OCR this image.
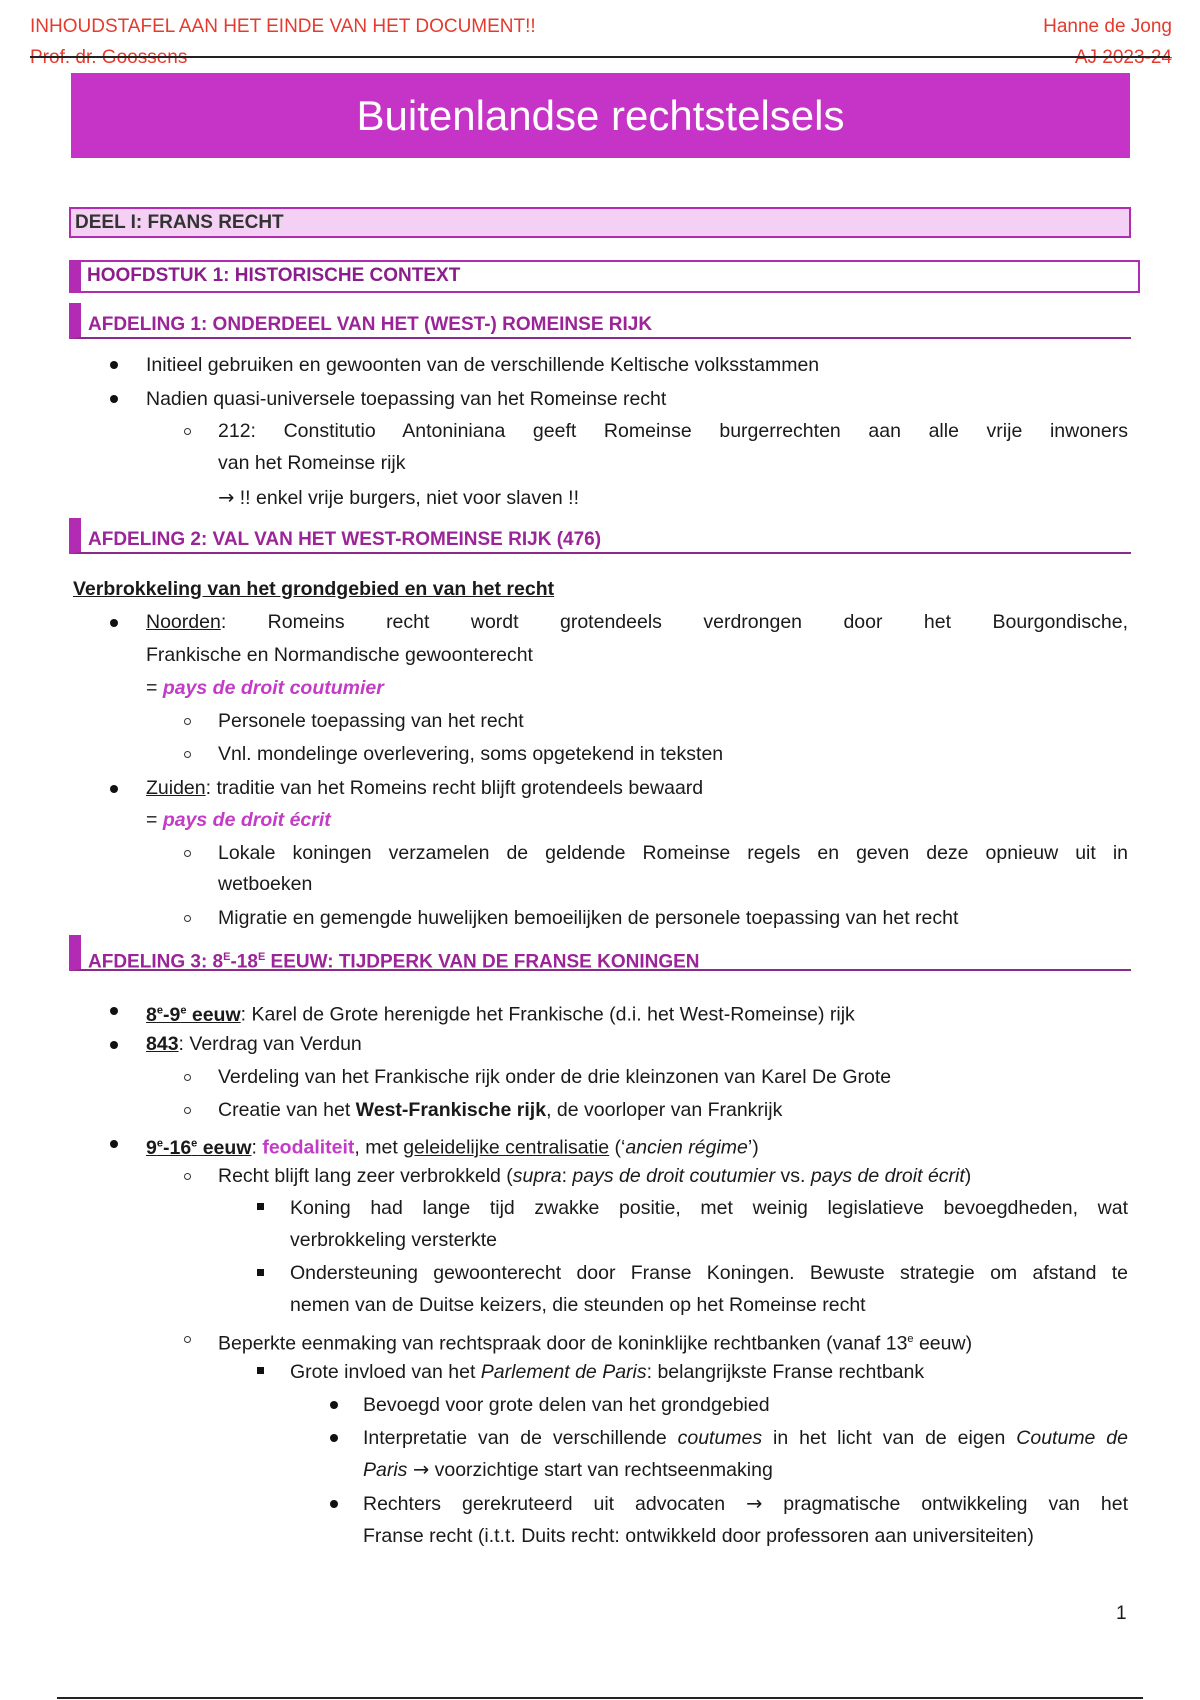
INHOUDSTAFEL AAN HET EINDE VAN HET DOCUMENT!!
Prof. dr. Goossens
Hanne de Jong
AJ 2023-24
Buitenlandse rechtstelsels
DEEL I: FRANS RECHT
HOOFDSTUK 1: HISTORISCHE CONTEXT
AFDELING 1: ONDERDEEL VAN HET (WEST-) ROMEINSE RIJK
Initieel gebruiken en gewoonten van de verschillende Keltische volksstammen
Nadien quasi-universele toepassing van het Romeinse recht
212: Constitutio Antoniniana geeft Romeinse burgerrechten aan alle vrije inwoners
van het Romeinse rijk
→ !! enkel vrije burgers, niet voor slaven !!
AFDELING 2: VAL VAN HET WEST-ROMEINSE RIJK (476)
Verbrokkeling van het grondgebied en van het recht
Noorden: Romeins recht wordt grotendeels verdrongen door het Bourgondische,
Frankische en Normandische gewoonterecht
= pays de droit coutumier
Personele toepassing van het recht
Vnl. mondelinge overlevering, soms opgetekend in teksten
Zuiden: traditie van het Romeins recht blijft grotendeels bewaard
= pays de droit écrit
Lokale koningen verzamelen de geldende Romeinse regels en geven deze opnieuw uit in
wetboeken
Migratie en gemengde huwelijken bemoeilijken de personele toepassing van het recht
AFDELING 3: $8^E-18^E$ EEUW: TIJDPERK VAN DE FRANSE KONINGEN
8e-9e eeuw: Karel de Grote herenigde het Frankische (d.i. het West-Romeinse) rijk
843: Verdrag van Verdun
Verdeling van het Frankische rijk onder de drie kleinzonen van Karel De Grote
Creatie van het West-Frankische rijk, de voorloper van Frankrijk
9e-16e eeuw: feodaliteit, met geleidelijke centralisatie (‘ancien régime’)
Recht blijft lang zeer verbrokkeld (supra: pays de droit coutumier vs. pays de droit écrit)
Koning had lange tijd zwakke positie, met weinig legislatieve bevoegdheden, wat
verbrokkeling versterkte
Ondersteuning gewoonterecht door Franse Koningen. Bewuste strategie om afstand te
nemen van de Duitse keizers, die steunden op het Romeinse recht
Beperkte eenmaking van rechtspraak door de koninklijke rechtbanken (vanaf 13e eeuw)
Grote invloed van het Parlement de Paris: belangrijkste Franse rechtbank
Bevoegd voor grote delen van het grondgebied
Interpretatie van de verschillende coutumes in het licht van de eigen Coutume de
Paris → voorzichtige start van rechtseenmaking
Rechters gerekruteerd uit advocaten → pragmatische ontwikkeling van het
Franse recht (i.t.t. Duits recht: ontwikkeld door professoren aan universiteiten)
1
